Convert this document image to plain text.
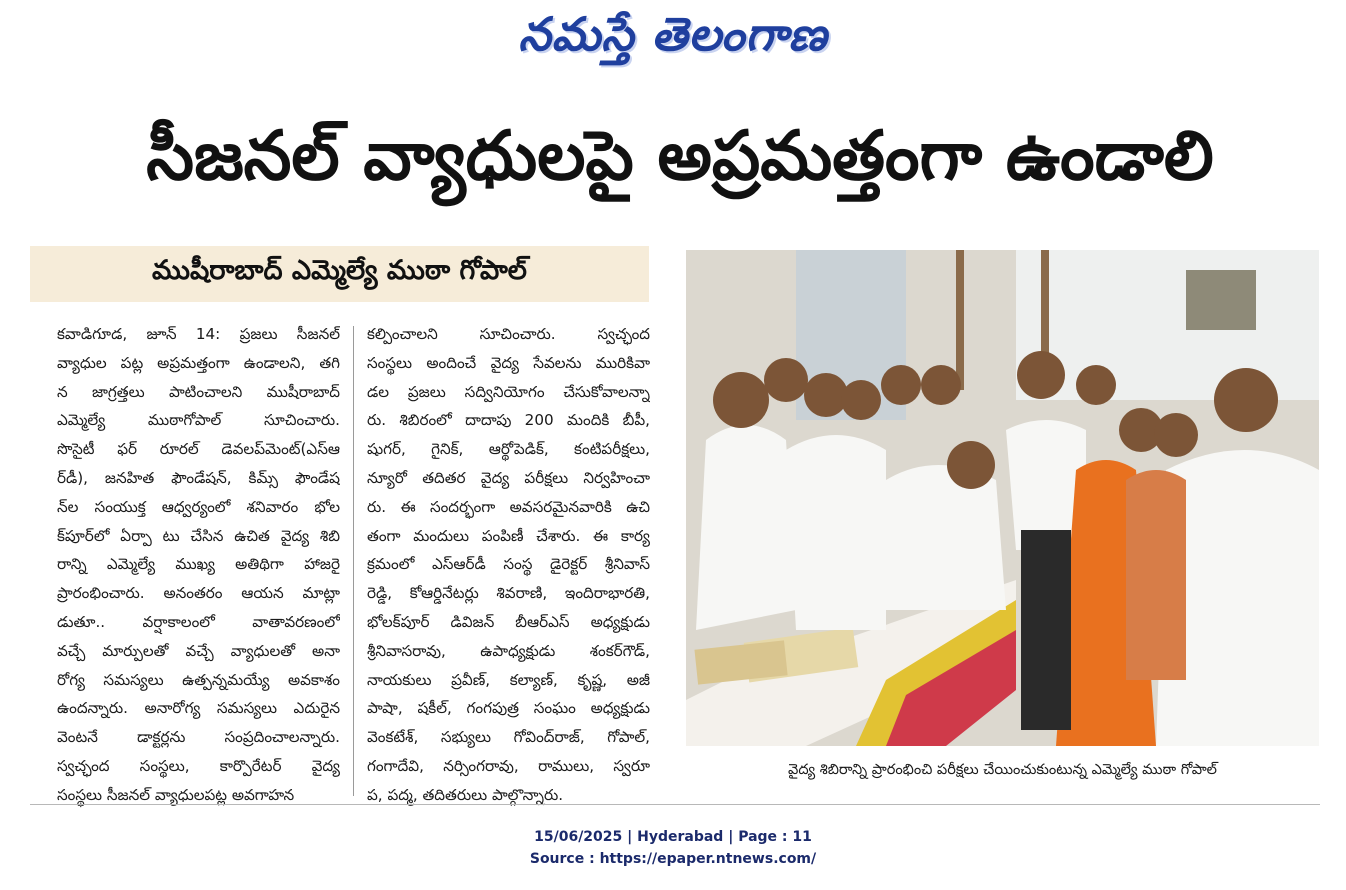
నమస్తే తెలంగాణ
సీజనల్ వ్యాధులపై అప్రమత్తంగా ఉండాలి
ముషీరాబాద్ ఎమ్మెల్యే ముఠా గోపాల్
కవాడిగూడ, జూన్ 14: ప్రజలు సీజనల్
వ్యాధుల పట్ల అప్రమత్తంగా ఉండాలని, తగి
న జాగ్రత్తలు పాటించాలని ముషీరాబాద్
ఎమ్మెల్యే ముఠాగోపాల్ సూచించారు.
సొసైటీ ఫర్ రూరల్ డెవలప్‌మెంట్(ఎస్‌ఆ
ర్‌డీ), జనహిత ఫౌండేషన్, కిమ్స్ ఫౌండేష
న్‌ల సంయుక్త ఆధ్వర్యంలో శనివారం భోల
క్‌పూర్‌లో ఏర్పా టు చేసిన ఉచిత వైద్య శిబి
రాన్ని ఎమ్మెల్యే ముఖ్య అతిథిగా హాజరై
ప్రారంభించారు. అనంతరం ఆయన మాట్లా
డుతూ.. వర్షాకాలంలో వాతావరణంలో
వచ్చే మార్పులతో వచ్చే వ్యాధులతో అనా
రోగ్య సమస్యలు ఉత్పన్నమయ్యే అవకాశం
ఉందన్నారు. అనారోగ్య సమస్యలు ఎదురైన
వెంటనే డాక్టర్లను సంప్రదించాలన్నారు.
స్వచ్ఛంద సంస్థలు, కార్పొరేటర్ వైద్య
సంస్థలు సీజనల్ వ్యాధులపట్ల అవగాహన
కల్పించాలని సూచించారు. స్వచ్ఛంద
సంస్థలు అందించే వైద్య సేవలను మురికివా
డల ప్రజలు సద్వినియోగం చేసుకోవాలన్నా
రు. శిబిరంలో దాదాపు 200 మందికి బీపీ,
షుగర్, గైనిక్, ఆర్థోపెడిక్, కంటిపరీక్షలు,
న్యూరో తదితర వైద్య పరీక్షలు నిర్వహించా
రు. ఈ సందర్భంగా అవసరమైనవారికి ఉచి
తంగా మందులు పంపిణీ చేశారు. ఈ కార్య
క్రమంలో ఎస్‌ఆర్‌డీ సంస్థ డైరెక్టర్ శ్రీనివాస్
రెడ్డి, కోఆర్డినేటర్లు శివరాణి, ఇందిరాభారతి,
భోలక్‌పూర్ డివిజన్ బీఆర్‌ఎస్ అధ్యక్షుడు
శ్రీనివాసరావు, ఉపాధ్యక్షుడు శంకర్‌గౌడ్,
నాయకులు ప్రవీణ్, కల్యాణ్, కృష్ణ, అజీ
పాషా, షకీల్, గంగపుత్ర సంఘం అధ్యక్షుడు
వెంకటేశ్, సభ్యులు గోవింద్‌రాజ్, గోపాల్,
గంగాదేవి, నర్సింగరావు, రాములు, స్వరూ
ప, పద్మ, తదితరులు పాల్గొన్నారు.
వైద్య శిబిరాన్ని ప్రారంభించి పరీక్షలు చేయించుకుంటున్న ఎమ్మెల్యే ముఠా గోపాల్
15/06/2025 | Hyderabad | Page : 11
Source : https://epaper.ntnews.com/
